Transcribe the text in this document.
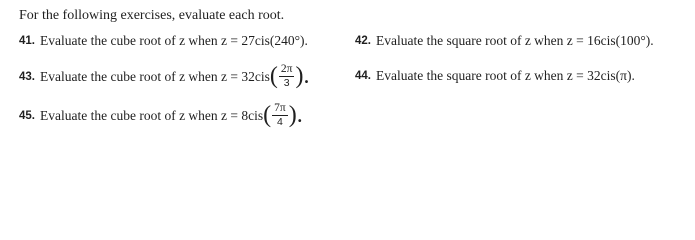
For the following exercises, evaluate each root.
41. Evaluate the cube root of z when z = 27cis(240°).	42. Evaluate the square root of z when z = 16cis(100°).
43. Evaluate the cube root of z when z = 32cis ( $\frac{2\pi}{3}$ ).	44. Evaluate the square root of z when z = 32cis(π).
45. Evaluate the cube root of z when z = 8cis ( $\frac{7\pi}{4}$ ).
